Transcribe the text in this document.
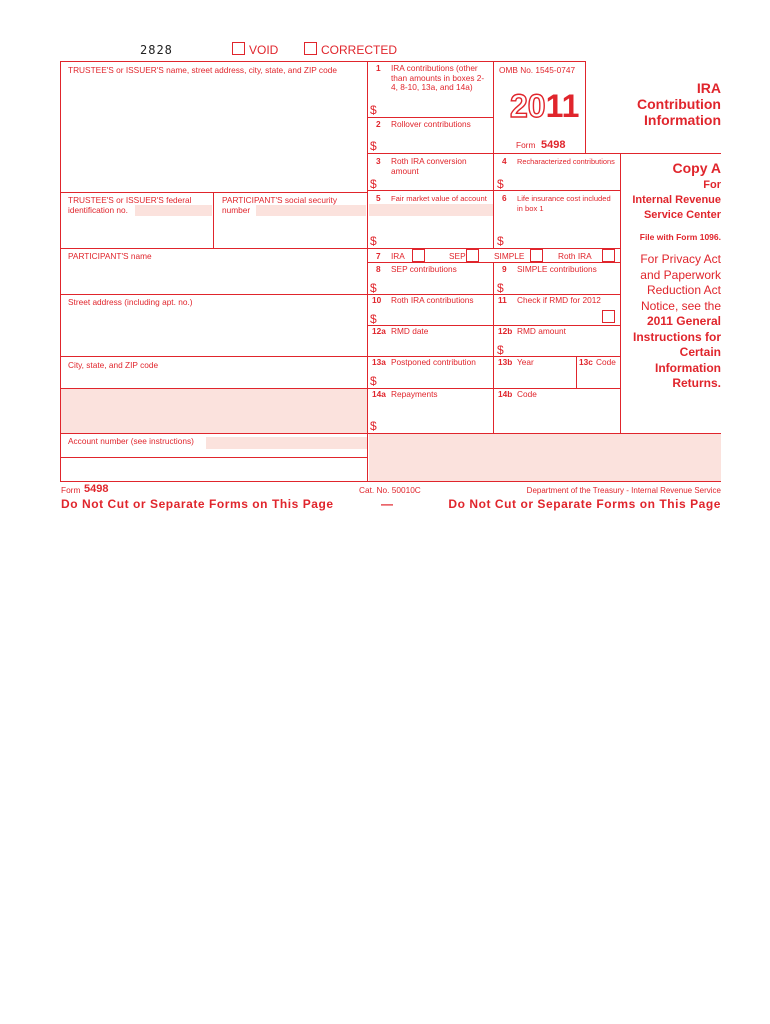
2828	VOID	CORRECTED
TRUSTEE'S or ISSUER'S name, street address, city, state, and ZIP code
TRUSTEE'S or ISSUER'S federal identification no.
PARTICIPANT'S social security number
PARTICIPANT'S name
Street address (including apt. no.)
City, state, and ZIP code
Account number (see instructions)
1 IRA contributions (other than amounts in boxes 2-4, 8-10, 13a, and 14a)
$
2 Rollover contributions
$
OMB No. 1545-0747
2011
Form 5498
3 Roth IRA conversion amount
$
4 Recharacterized contributions
$
5 Fair market value of account
$
6 Life insurance cost included in box 1
$
7 IRA	SEP	SIMPLE	Roth IRA
8 SEP contributions
$
9 SIMPLE contributions
$
10 Roth IRA contributions
$
11 Check if RMD for 2012
12a RMD date	12b RMD amount
$
13a Postponed contribution
$
13b Year	13c Code
14a Repayments
$
14b Code
IRA
Contribution
Information
Copy A
For
Internal Revenue
Service Center
File with Form 1096.
For Privacy Act
and Paperwork
Reduction Act
Notice, see the
2011 General
Instructions for
Certain
Information
Returns.
Form 5498	Cat. No. 50010C	Department of the Treasury - Internal Revenue Service
Do Not Cut or Separate Forms on This Page	—	Do Not Cut or Separate Forms on This Page
